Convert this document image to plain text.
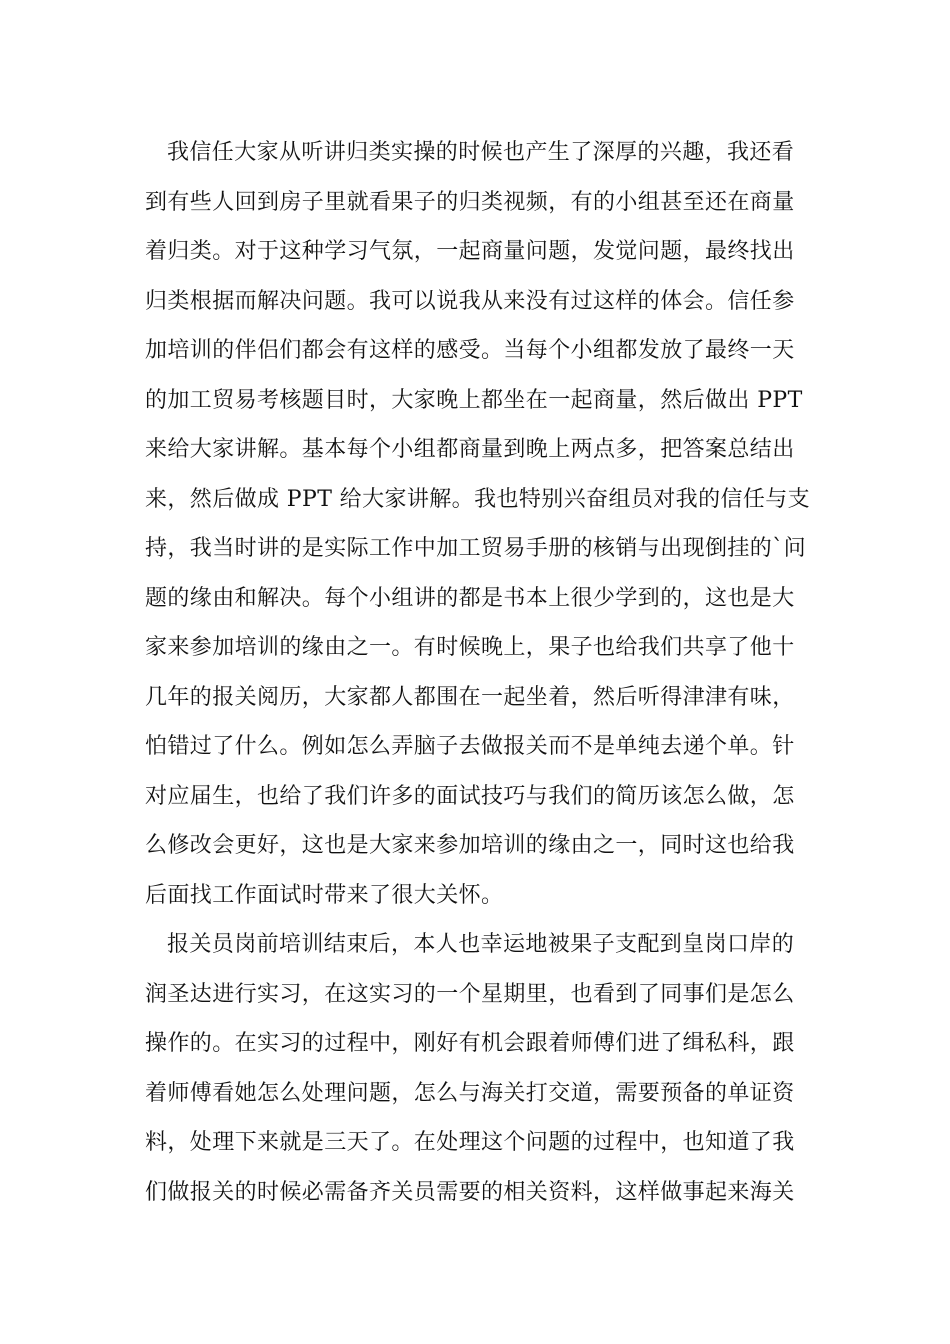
我信任大家从听讲归类实操的时候也产生了深厚的兴趣，我还看
到有些人回到房子里就看果子的归类视频，有的小组甚至还在商量
着归类。对于这种学习气氛，一起商量问题，发觉问题，最终找出
归类根据而解决问题。我可以说我从来没有过这样的体会。信任参
加培训的伴侣们都会有这样的感受。当每个小组都发放了最终一天
的加工贸易考核题目时，大家晚上都坐在一起商量，然后做出 PPT
来给大家讲解。基本每个小组都商量到晚上两点多，把答案总结出
来，然后做成 PPT 给大家讲解。我也特别兴奋组员对我的信任与支
持，我当时讲的是实际工作中加工贸易手册的核销与出现倒挂的`问
题的缘由和解决。每个小组讲的都是书本上很少学到的，这也是大
家来参加培训的缘由之一。有时候晚上，果子也给我们共享了他十
几年的报关阅历，大家都人都围在一起坐着，然后听得津津有味，
怕错过了什么。例如怎么弄脑子去做报关而不是单纯去递个单。针
对应届生，也给了我们许多的面试技巧与我们的简历该怎么做，怎
么修改会更好，这也是大家来参加培训的缘由之一，同时这也给我
后面找工作面试时带来了很大关怀。
报关员岗前培训结束后，本人也幸运地被果子支配到皇岗口岸的
润圣达进行实习，在这实习的一个星期里，也看到了同事们是怎么
操作的。在实习的过程中，刚好有机会跟着师傅们进了缉私科，跟
着师傅看她怎么处理问题，怎么与海关打交道，需要预备的单证资
料，处理下来就是三天了。在处理这个问题的过程中，也知道了我
们做报关的时候必需备齐关员需要的相关资料，这样做事起来海关
